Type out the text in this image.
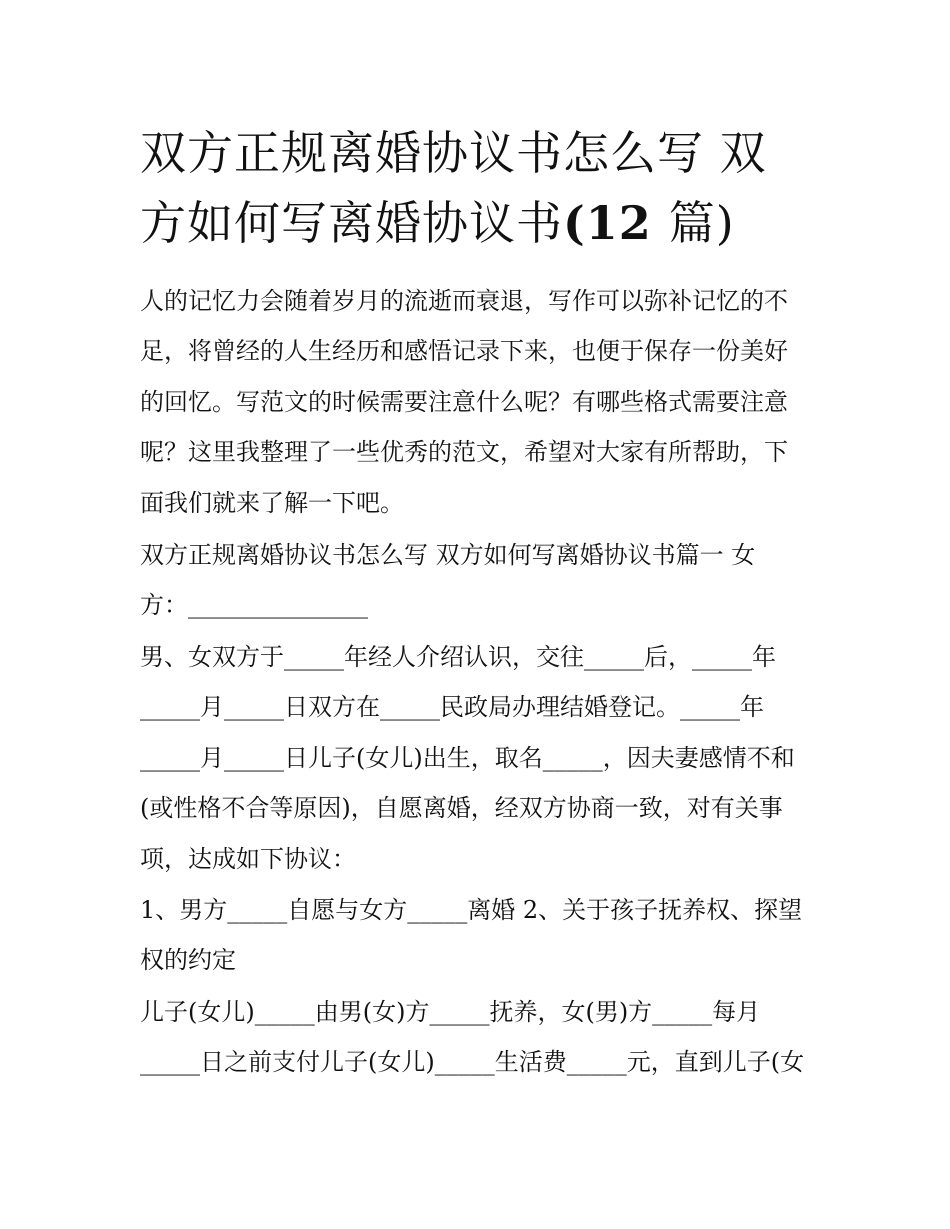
双方正规离婚协议书怎么写 双
方如何写离婚协议书(12 篇)

人的记忆力会随着岁月的流逝而衰退，写作可以弥补记忆的不

足，将曾经的人生经历和感悟记录下来，也便于保存一份美好

的回忆。写范文的时候需要注意什么呢？有哪些格式需要注意

呢？这里我整理了一些优秀的范文，希望对大家有所帮助，下

面我们就来了解一下吧。

双方正规离婚协议书怎么写 双方如何写离婚协议书篇一 女

方：_______________

男、女双方于_____年经人介绍认识，交往_____后，_____年

_____月_____日双方在_____民政局办理结婚登记。_____年

_____月_____日儿子(女儿)出生，取名_____，因夫妻感情不和

(或性格不合等原因)，自愿离婚，经双方协商一致，对有关事

项，达成如下协议：

1、男方_____自愿与女方_____离婚 2、关于孩子抚养权、探望

权的约定

儿子(女儿)_____由男(女)方_____抚养，女(男)方_____每月

_____日之前支付儿子(女儿)_____生活费_____元，直到儿子(女
